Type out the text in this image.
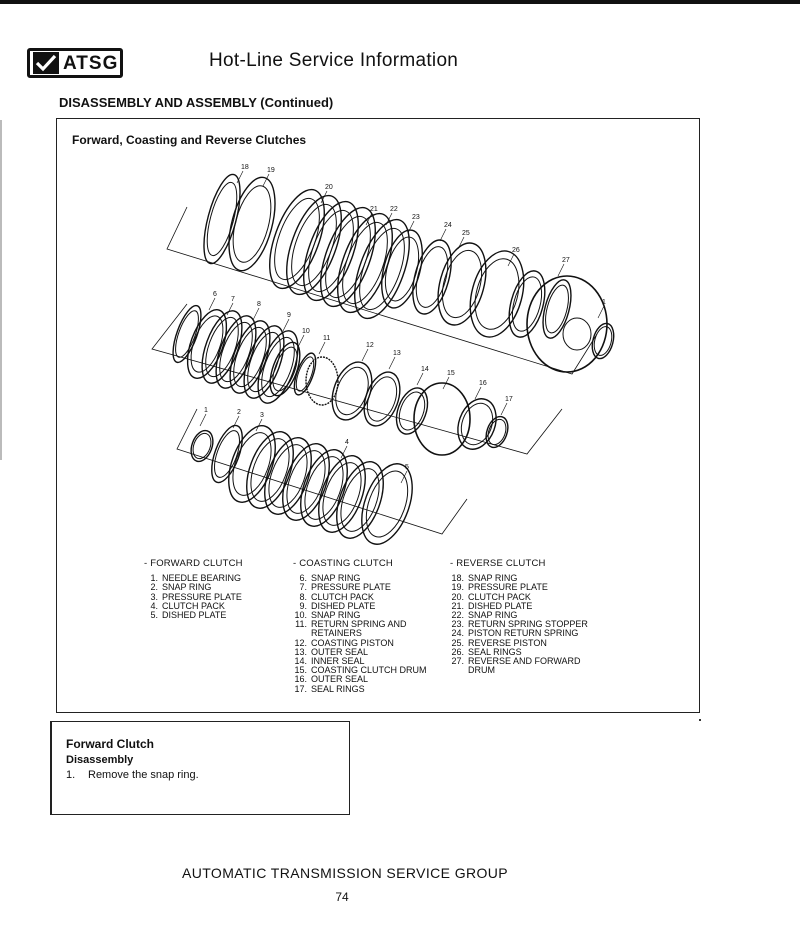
ATSG	Hot-Line Service Information
DISASSEMBLY AND ASSEMBLY (Continued)
Forward, Coasting and Reverse Clutches
18	19
20
21 22
23
24
25
26
27
1
6
7
8
9
10
11
12
13
14
15
16
17
1	2	3
4
5
- FORWARD CLUTCH
1. NEEDLE BEARING
2. SNAP RING
3. PRESSURE PLATE
4. CLUTCH PACK
5. DISHED PLATE
- COASTING CLUTCH
6. SNAP RING
7. PRESSURE PLATE
8. CLUTCH PACK
9. DISHED PLATE
10. SNAP RING
11. RETURN SPRING AND
RETAINERS
12. COASTING PISTON
13. OUTER SEAL
14. INNER SEAL
15. COASTING CLUTCH DRUM
16. OUTER SEAL
17. SEAL RINGS
- REVERSE CLUTCH
18. SNAP RING
19. PRESSURE PLATE
20. CLUTCH PACK
21. DISHED PLATE
22. SNAP RING
23. RETURN SPRING STOPPER
24. PISTON RETURN SPRING
25. REVERSE PISTON
26. SEAL RINGS
27. REVERSE AND FORWARD
DRUM
Forward Clutch
Disassembly
1. Remove the snap ring.
AUTOMATIC TRANSMISSION SERVICE GROUP
74
